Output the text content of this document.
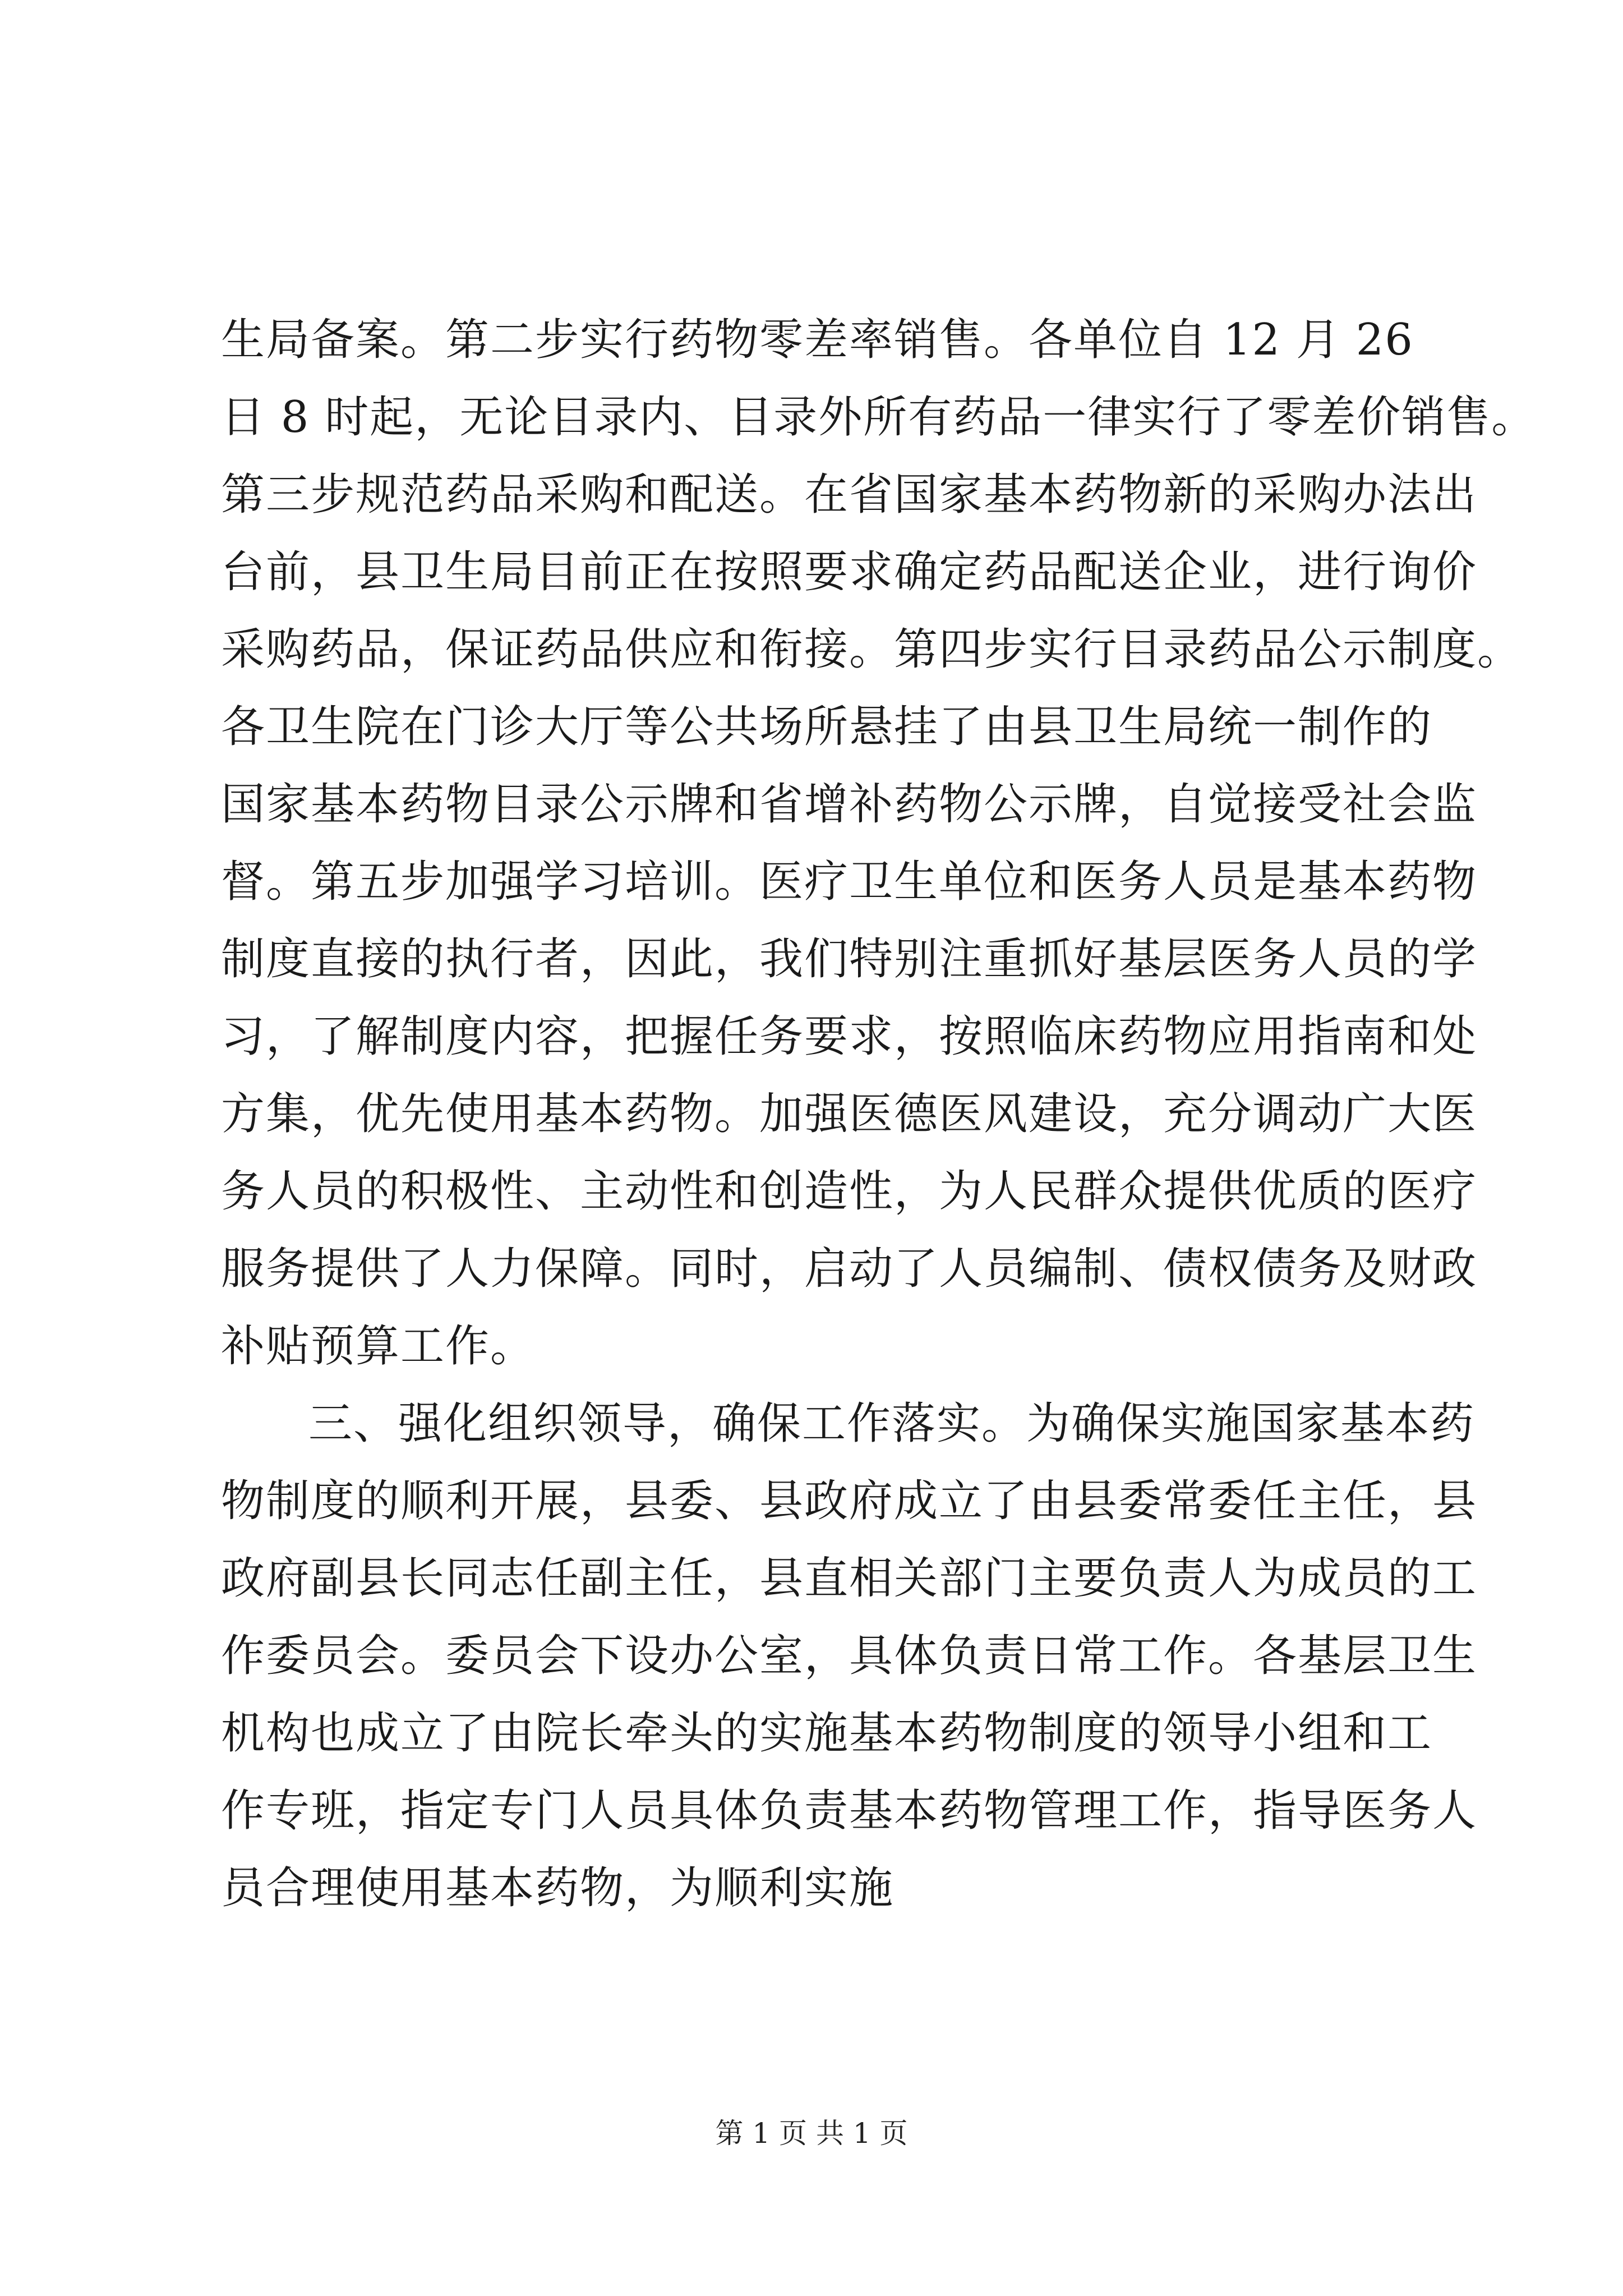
生局备案。第二步实行药物零差率销售。各单位自 12 月 26
日 8 时起，无论目录内、目录外所有药品一律实行了零差价销售。
第三步规范药品采购和配送。在省国家基本药物新的采购办法出
台前，县卫生局目前正在按照要求确定药品配送企业，进行询价
采购药品，保证药品供应和衔接。第四步实行目录药品公示制度。
各卫生院在门诊大厅等公共场所悬挂了由县卫生局统一制作的
国家基本药物目录公示牌和省增补药物公示牌，自觉接受社会监
督。第五步加强学习培训。医疗卫生单位和医务人员是基本药物
制度直接的执行者，因此，我们特别注重抓好基层医务人员的学
习，了解制度内容，把握任务要求，按照临床药物应用指南和处
方集，优先使用基本药物。加强医德医风建设，充分调动广大医
务人员的积极性、主动性和创造性，为人民群众提供优质的医疗
服务提供了人力保障。同时，启动了人员编制、债权债务及财政
补贴预算工作。
三、强化组织领导，确保工作落实。为确保实施国家基本药
物制度的顺利开展，县委、县政府成立了由县委常委任主任，县
政府副县长同志任副主任，县直相关部门主要负责人为成员的工
作委员会。委员会下设办公室，具体负责日常工作。各基层卫生
机构也成立了由院长牵头的实施基本药物制度的领导小组和工
作专班，指定专门人员具体负责基本药物管理工作，指导医务人
员合理使用基本药物，为顺利实施
第 1 页 共 1 页
